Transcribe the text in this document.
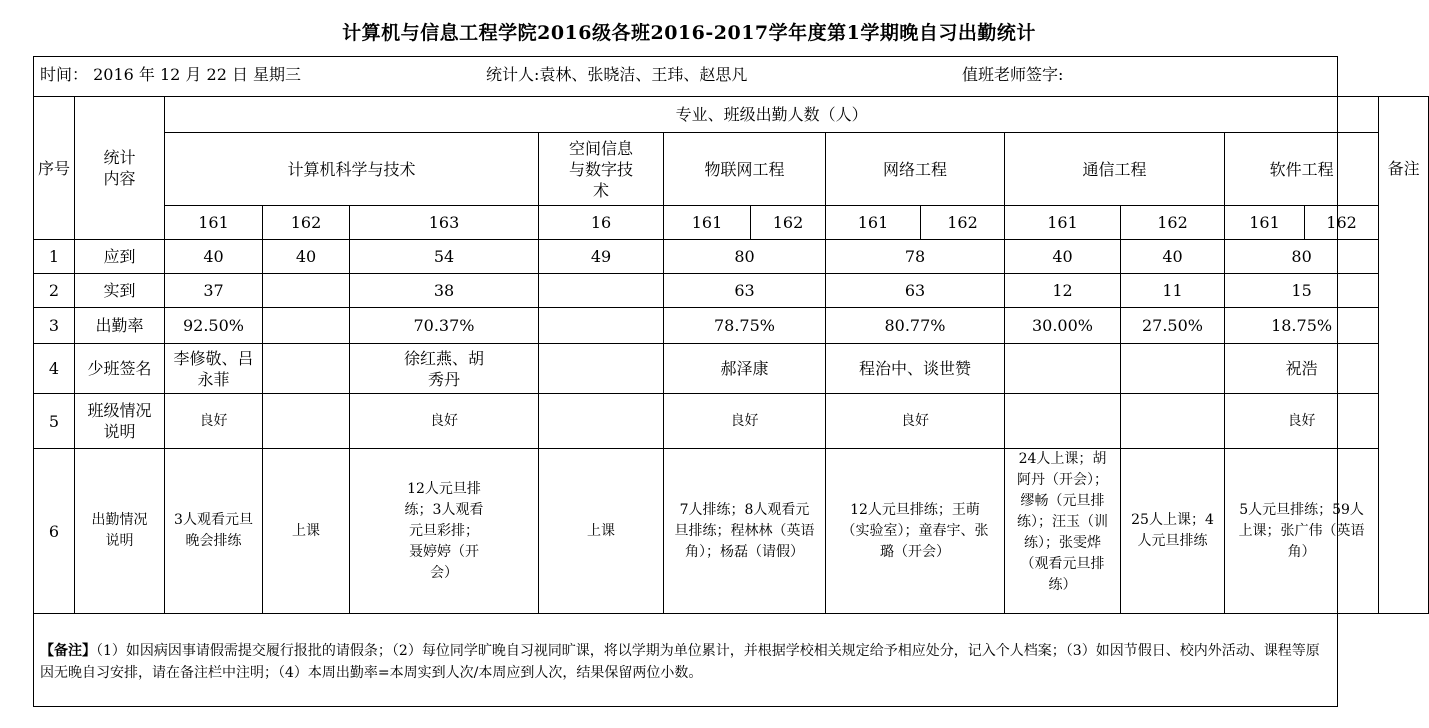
计算机与信息工程学院2016级各班2016-2017学年度第1学期晚自习出勤统计
时间： 2016 年 12 月 22 日 星期三	统计人:袁林、张晓洁、王玮、赵思凡	值班老师签字:
序号	统计内容	专业、班级出勤人数（人）												备注
		计算机科学与技术			空间信息与数字技术	物联网工程		网络工程		通信工程		软件工程		
		161	162	163	16	161	162	161	162	161	162	161	162	
1	应到	40	40	54	49	80		78		40	40	80		
2	实到	37		38		63		63		12	11	15		
3	出勤率	92.50%		70.37%		78.75%		80.77%		30.00%	27.50%	18.75%		
4	少班签名	李修敬、吕永菲		徐红燕、胡秀丹		郝泽康		程治中、谈世赞				祝浩		
5	班级情况说明	良好		良好		良好		良好				良好		
6	出勤情况说明	3人观看元旦晚会排练	上课	12人元旦排练；3人观看元旦彩排；聂婷婷（开会）	上课	7人排练；8人观看元旦排练；程林林（英语角）；杨磊（请假）		12人元旦排练；王萌（实验室）；童春宇、张璐（开会）		24人上课；胡阿丹（开会）；缪畅（元旦排练）；汪玉（训练）；张雯烨（观看元旦排练）	25人上课；4人元旦排练	5人元旦排练；59人上课；张广伟（英语角）		
【备注】（1）如因病因事请假需提交履行报批的请假条；（2）每位同学旷晚自习视同旷课，将以学期为单位累计，并根据学校相关规定给予相应处分，记入个人档案；（3）如因节假日、校内外活动、课程等原因无晚自习安排，请在备注栏中注明；（4）本周出勤率=本周实到人次/本周应到人次，结果保留两位小数。
